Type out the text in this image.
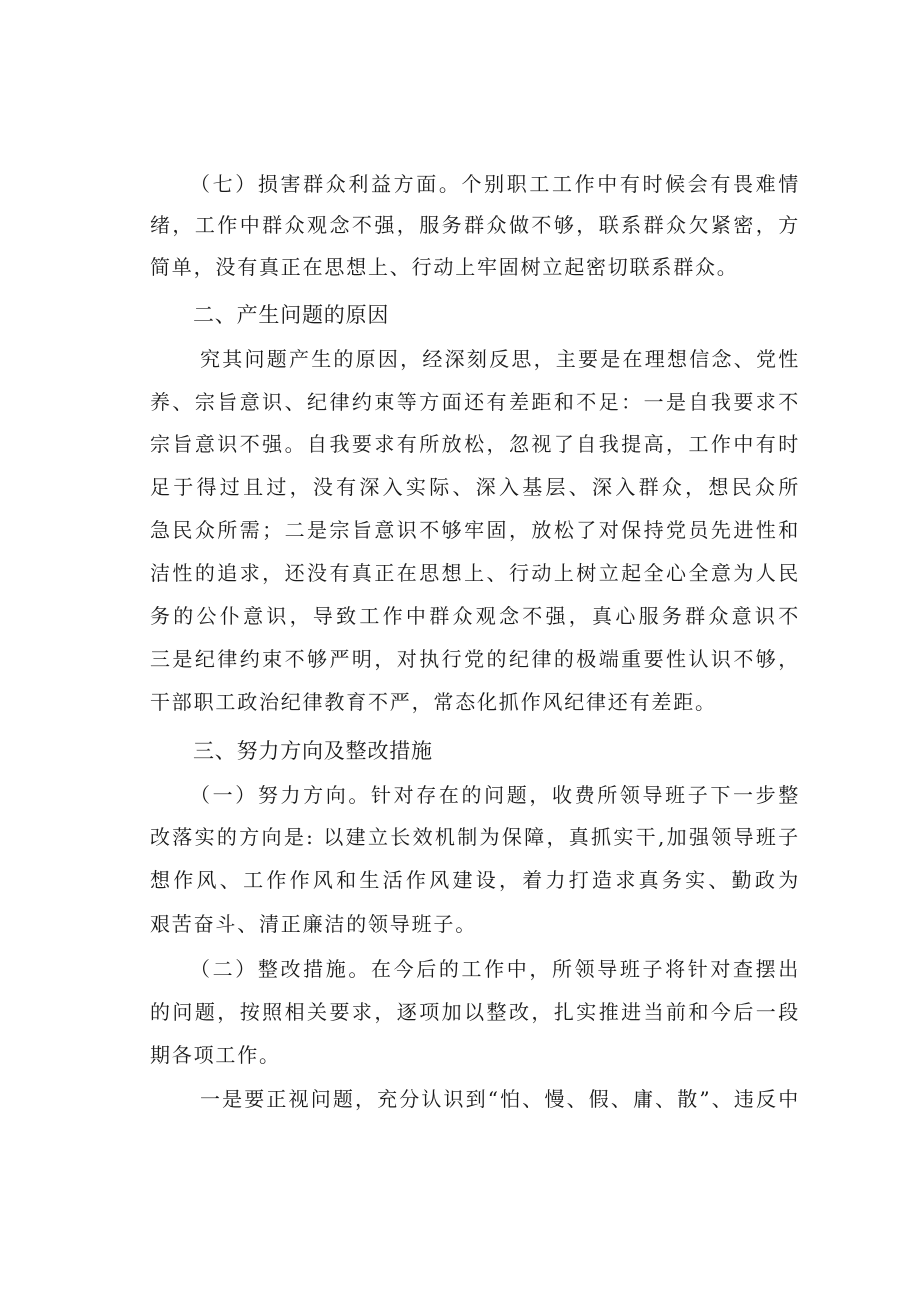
（七）损害群众利益方面。个别职工工作中有时候会有畏难情
绪，工作中群众观念不强，服务群众做不够，联系群众欠紧密，方
简单，没有真正在思想上、行动上牢固树立起密切联系群众。
二、产生问题的原因
究其问题产生的原因，经深刻反思，主要是在理想信念、党性
养、宗旨意识、纪律约束等方面还有差距和不足：一是自我要求不
宗旨意识不强。自我要求有所放松，忽视了自我提高，工作中有时
足于得过且过，没有深入实际、深入基层、深入群众，想民众所
急民众所需；二是宗旨意识不够牢固，放松了对保持党员先进性和
洁性的追求，还没有真正在思想上、行动上树立起全心全意为人民
务的公仆意识，导致工作中群众观念不强，真心服务群众意识不
三是纪律约束不够严明，对执行党的纪律的极端重要性认识不够，
干部职工政治纪律教育不严，常态化抓作风纪律还有差距。
三、努力方向及整改措施
（一）努力方向。针对存在的问题，收费所领导班子下一步整
改落实的方向是: 以建立长效机制为保障，真抓实干,加强领导班子
想作风、工作作风和生活作风建设，着力打造求真务实、勤政为
艰苦奋斗、清正廉洁的领导班子。
（二）整改措施。在今后的工作中，所领导班子将针对查摆出
的问题，按照相关要求，逐项加以整改，扎实推进当前和今后一段
期各项工作。
一是要正视问题，充分认识到“怕、慢、假、庸、散”、违反中
